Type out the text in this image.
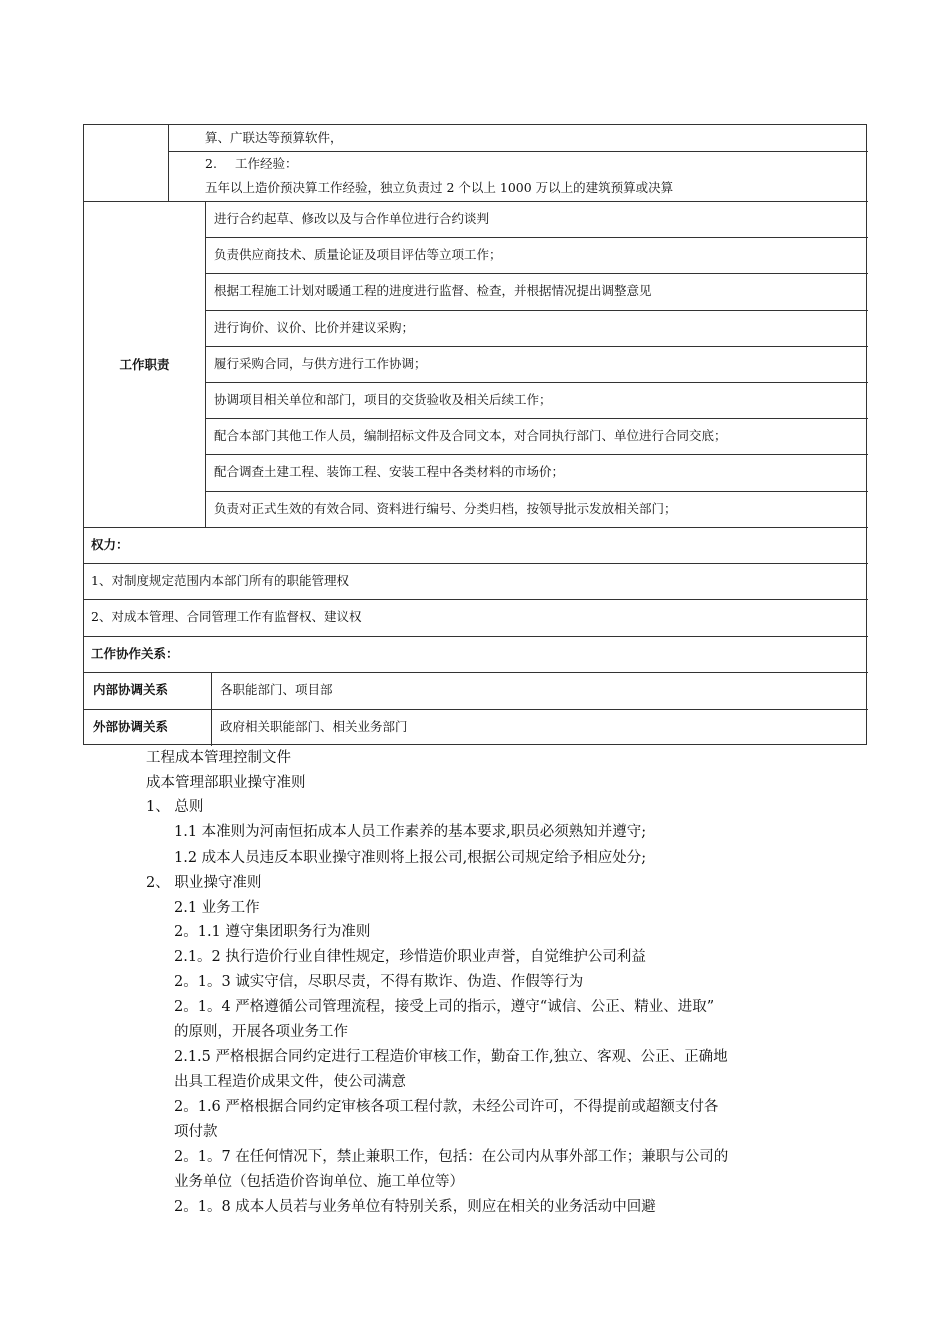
算、广联达等预算软件，
2. 工作经验：
五年以上造价预决算工作经验，独立负责过 2 个以上 1000 万以上的建筑预算或决算
工作职责
进行合约起草、修改以及与合作单位进行合约谈判
负责供应商技术、质量论证及项目评估等立项工作；
根据工程施工计划对暖通工程的进度进行监督、检查，并根据情况提出调整意见
进行询价、议价、比价并建议采购；
履行采购合同，与供方进行工作协调；
协调项目相关单位和部门，项目的交货验收及相关后续工作；
配合本部门其他工作人员，编制招标文件及合同文本，对合同执行部门、单位进行合同交底；
配合调查土建工程、装饰工程、安装工程中各类材料的市场价；
负责对正式生效的有效合同、资料进行编号、分类归档，按领导批示发放相关部门；
权力：
1、对制度规定范围内本部门所有的职能管理权
2、对成本管理、合同管理工作有监督权、建议权
工作协作关系：
内部协调关系	各职能部门、项目部
外部协调关系	政府相关职能部门、相关业务部门
工程成本管理控制文件
成本管理部职业操守准则
1、 总则
1.1 本准则为河南恒拓成本人员工作素养的基本要求,职员必须熟知并遵守;
1.2 成本人员违反本职业操守准则将上报公司,根据公司规定给予相应处分;
2、 职业操守准则
2.1 业务工作
2。1.1 遵守集团职务行为准则
2.1。2 执行造价行业自律性规定，珍惜造价职业声誉，自觉维护公司利益
2。1。3 诚实守信，尽职尽责，不得有欺诈、伪造、作假等行为
2。1。4 严格遵循公司管理流程，接受上司的指示，遵守“诚信、公正、精业、进取”
的原则，开展各项业务工作
2.1.5 严格根据合同约定进行工程造价审核工作，勤奋工作,独立、客观、公正、正确地
出具工程造价成果文件，使公司满意
2。1.6 严格根据合同约定审核各项工程付款，未经公司许可，不得提前或超额支付各
项付款
2。1。7 在任何情况下，禁止兼职工作，包括：在公司内从事外部工作；兼职与公司的
业务单位（包括造价咨询单位、施工单位等）
2。1。8 成本人员若与业务单位有特别关系，则应在相关的业务活动中回避
